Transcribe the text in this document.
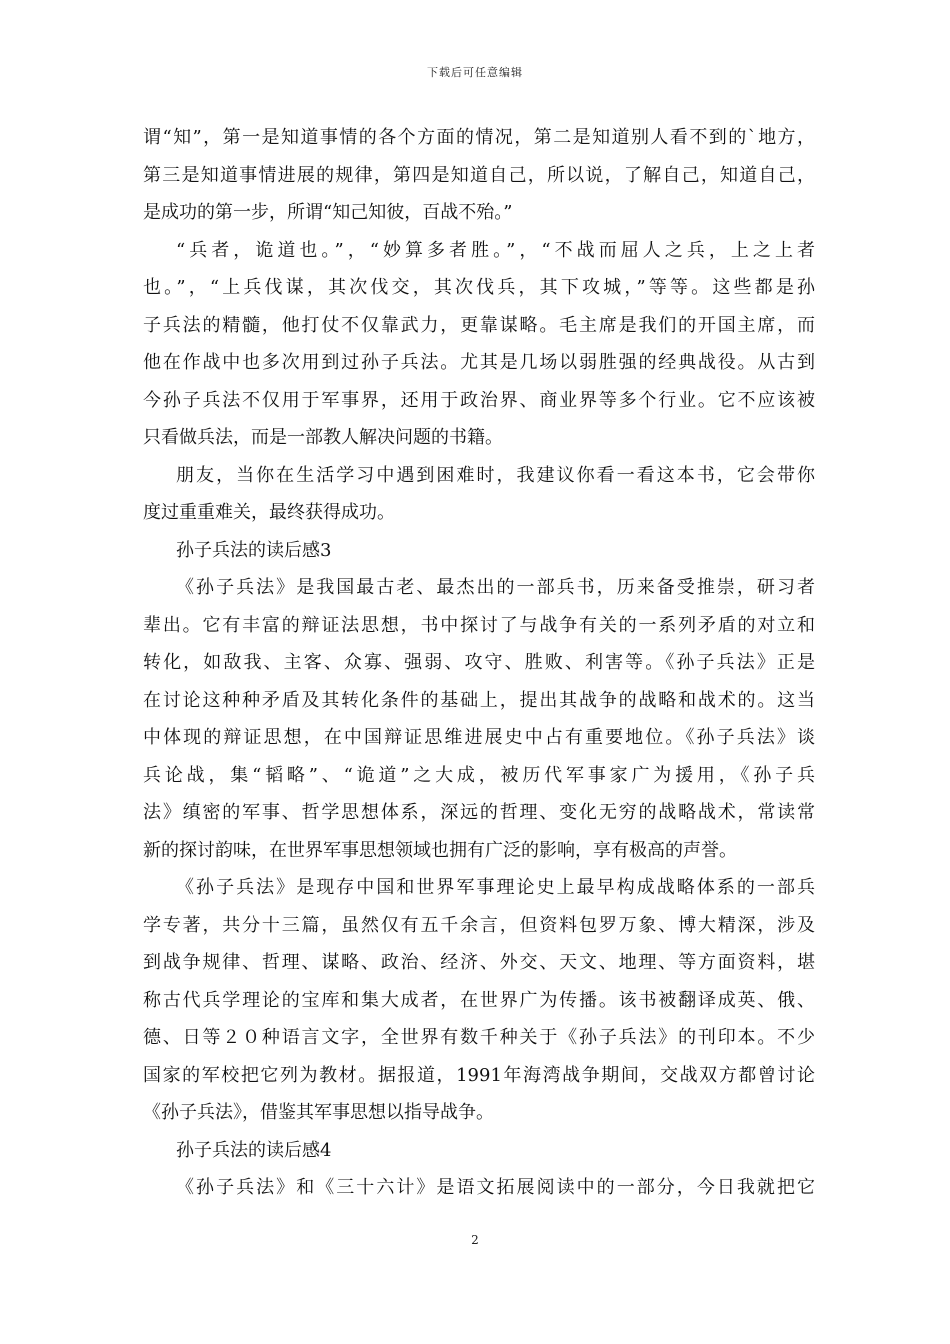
下载后可任意编辑
谓“知”，第一是知道事情的各个方面的情况，第二是知道别人看不到的`地方，
第三是知道事情进展的规律，第四是知道自己，所以说，了解自己，知道自己，
是成功的第一步，所谓“知己知彼，百战不殆。”
“兵者，诡道也。”，“妙算多者胜。”，“不战而屈人之兵，上之上者
也。”，“上兵伐谋，其次伐交，其次伐兵，其下攻城，”等等。这些都是孙
子兵法的精髓，他打仗不仅靠武力，更靠谋略。毛主席是我们的开国主席，而
他在作战中也多次用到过孙子兵法。尤其是几场以弱胜强的经典战役。从古到
今孙子兵法不仅用于军事界，还用于政治界、商业界等多个行业。它不应该被
只看做兵法，而是一部教人解决问题的书籍。
朋友，当你在生活学习中遇到困难时，我建议你看一看这本书，它会带你
度过重重难关，最终获得成功。
孙子兵法的读后感3
《孙子兵法》是我国最古老、最杰出的一部兵书，历来备受推崇，研习者
辈出。它有丰富的辩证法思想，书中探讨了与战争有关的一系列矛盾的对立和
转化，如敌我、主客、众寡、强弱、攻守、胜败、利害等。《孙子兵法》正是
在讨论这种种矛盾及其转化条件的基础上，提出其战争的战略和战术的。这当
中体现的辩证思想，在中国辩证思维进展史中占有重要地位。《孙子兵法》谈
兵论战，集“韬略”、“诡道”之大成，被历代军事家广为援用，《孙子兵
法》缜密的军事、哲学思想体系，深远的哲理、变化无穷的战略战术，常读常
新的探讨韵味，在世界军事思想领域也拥有广泛的影响，享有极高的声誉。
《孙子兵法》是现存中国和世界军事理论史上最早构成战略体系的一部兵
学专著，共分十三篇，虽然仅有五千余言，但资料包罗万象、博大精深，涉及
到战争规律、哲理、谋略、政治、经济、外交、天文、地理、等方面资料，堪
称古代兵学理论的宝库和集大成者，在世界广为传播。该书被翻译成英、俄、
德、日等２０种语言文字，全世界有数千种关于《孙子兵法》的刊印本。不少
国家的军校把它列为教材。据报道，1991年海湾战争期间，交战双方都曾讨论
《孙子兵法》，借鉴其军事思想以指导战争。
孙子兵法的读后感4
《孙子兵法》和《三十六计》是语文拓展阅读中的一部分，今日我就把它
2
